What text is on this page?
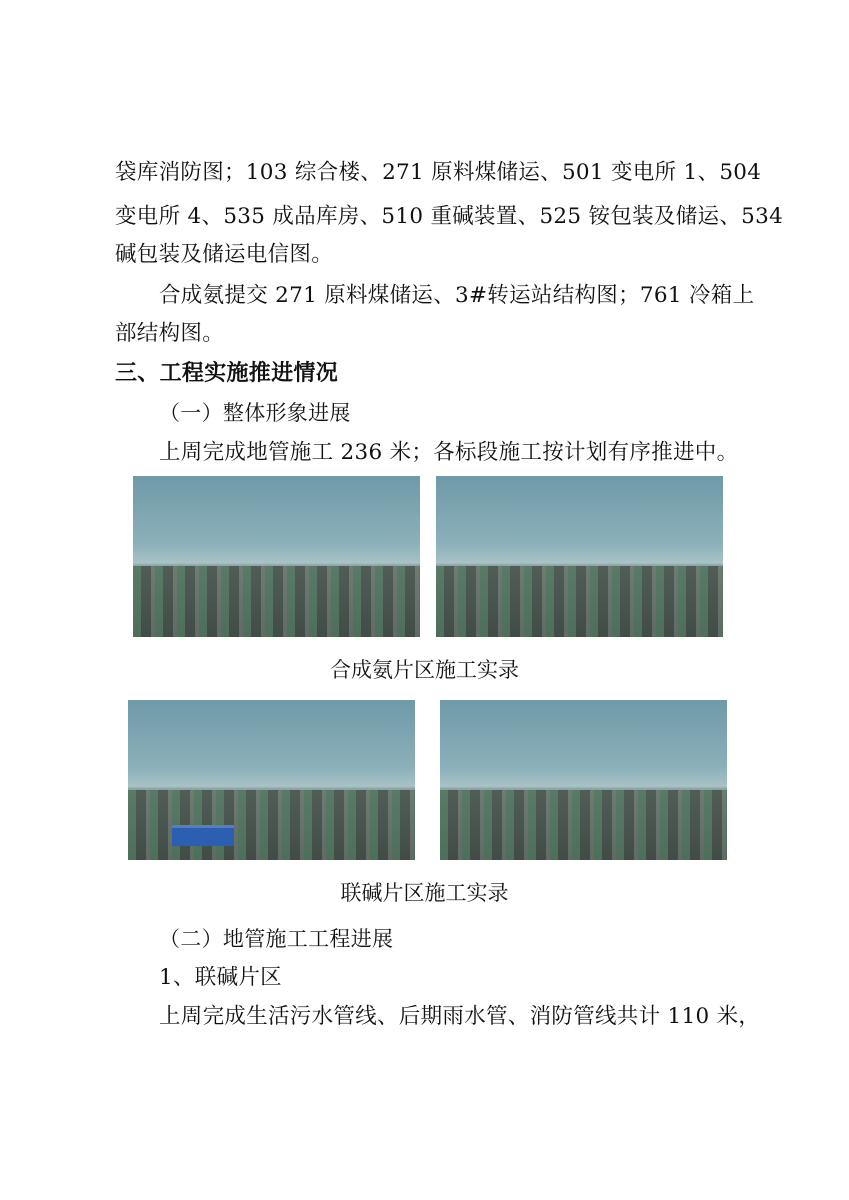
袋库消防图；103 综合楼、271 原料煤储运、501 变电所 1、504
变电所 4、535 成品库房、510 重碱装置、525 铵包装及储运、534
碱包装及储运电信图。
合成氨提交 271 原料煤储运、3#转运站结构图；761 冷箱上
部结构图。
三、工程实施推进情况
（一）整体形象进展
上周完成地管施工 236 米；各标段施工按计划有序推进中。
合成氨片区施工实录
联碱片区施工实录
（二）地管施工工程进展
1、联碱片区
上周完成生活污水管线、后期雨水管、消防管线共计 110 米，
